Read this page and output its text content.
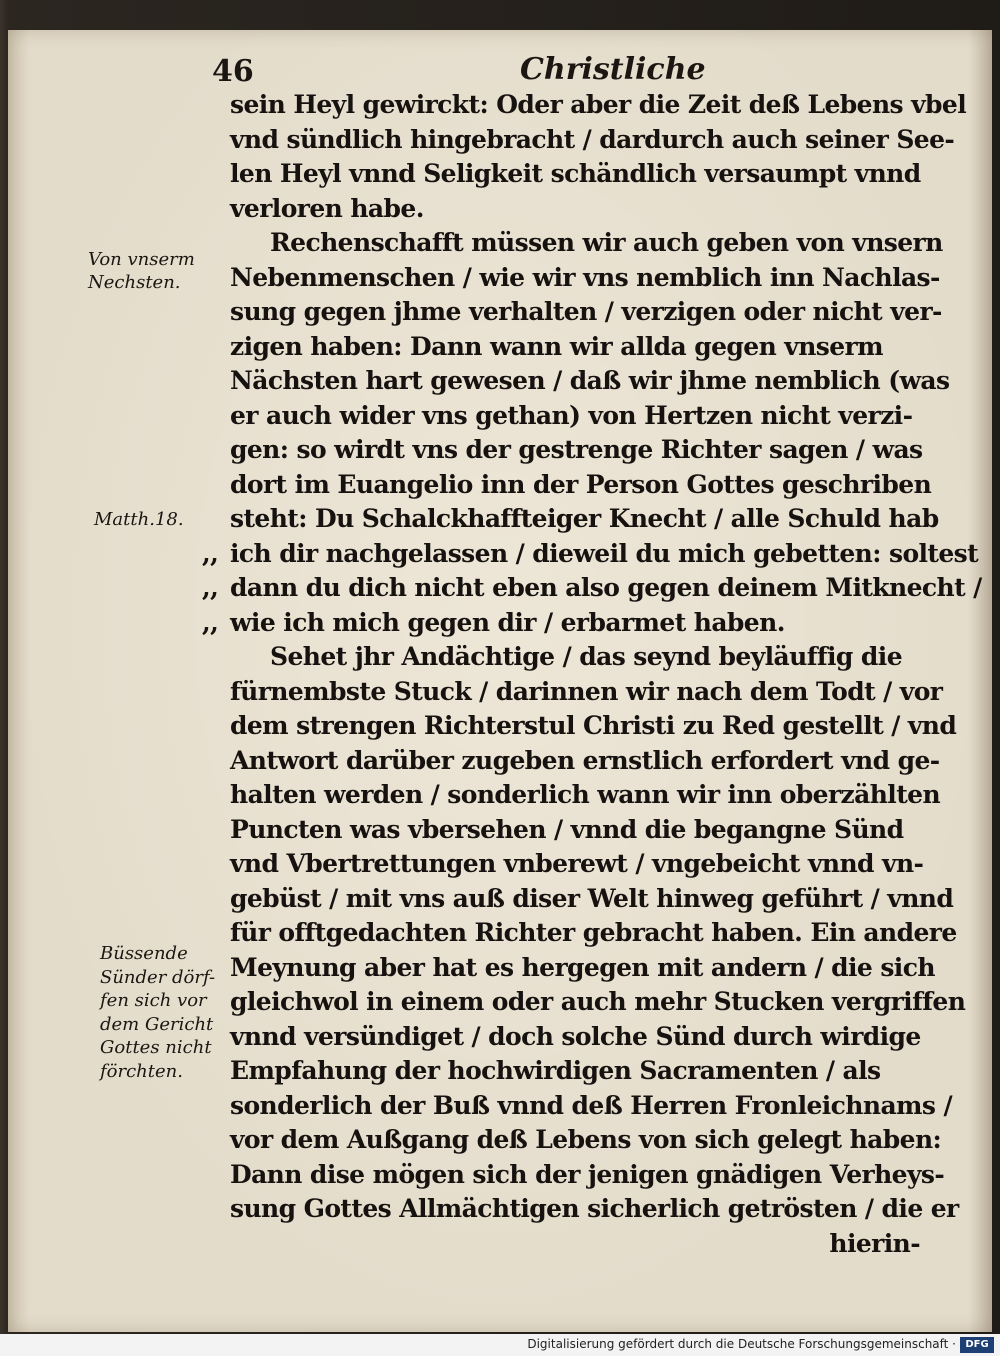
46	Christliche
Von vnserm
Nechsten.
Matth.18.
Büssende
Sünder dörf-
fen sich vor
dem Gericht
Gottes nicht
förchten.
sein Heyl gewirckt: Oder aber die Zeit deß Lebens vbel
vnd sündlich hingebracht / dardurch auch seiner See-
len Heyl vnnd Seligkeit schändlich versaumpt vnnd
verloren habe.
Rechenschafft müssen wir auch geben von vnsern
Nebenmenschen / wie wir vns nemblich inn Nachlas-
sung gegen jhme verhalten / verzigen oder nicht ver-
zigen haben: Dann wann wir allda gegen vnserm
Nächsten hart gewesen / daß wir jhme nemblich (was
er auch wider vns gethan) von Hertzen nicht verzi-
gen: so wirdt vns der gestrenge Richter sagen / was
dort im Euangelio inn der Person Gottes geschriben
steht: Du Schalckhaffteiger Knecht / alle Schuld hab
,, ich dir nachgelassen / dieweil du mich gebetten: soltest
,, dann du dich nicht eben also gegen deinem Mitknecht /
,, wie ich mich gegen dir / erbarmet haben.
Sehet jhr Andächtige / das seynd beyläuffig die
fürnembste Stuck / darinnen wir nach dem Todt / vor
dem strengen Richterstul Christi zu Red gestellt / vnd
Antwort darüber zugeben ernstlich erfordert vnd ge-
halten werden / sonderlich wann wir inn oberzählten
Puncten was vbersehen / vnnd die begangne Sünd
vnd Vbertrettungen vnberewt / vngebeicht vnnd vn-
gebüst / mit vns auß diser Welt hinweg geführt / vnnd
für offtgedachten Richter gebracht haben. Ein andere
Meynung aber hat es hergegen mit andern / die sich
gleichwol in einem oder auch mehr Stucken vergriffen
vnnd versündiget / doch solche Sünd durch wirdige
Empfahung der hochwirdigen Sacramenten / als
sonderlich der Buß vnnd deß Herren Fronleichnams /
vor dem Außgang deß Lebens von sich gelegt haben:
Dann dise mögen sich der jenigen gnädigen Verheys-
sung Gottes Allmächtigen sicherlich getrösten / die er
hierin-
Digitalisierung gefördert durch die Deutsche Forschungsgemeinschaft · DFG
